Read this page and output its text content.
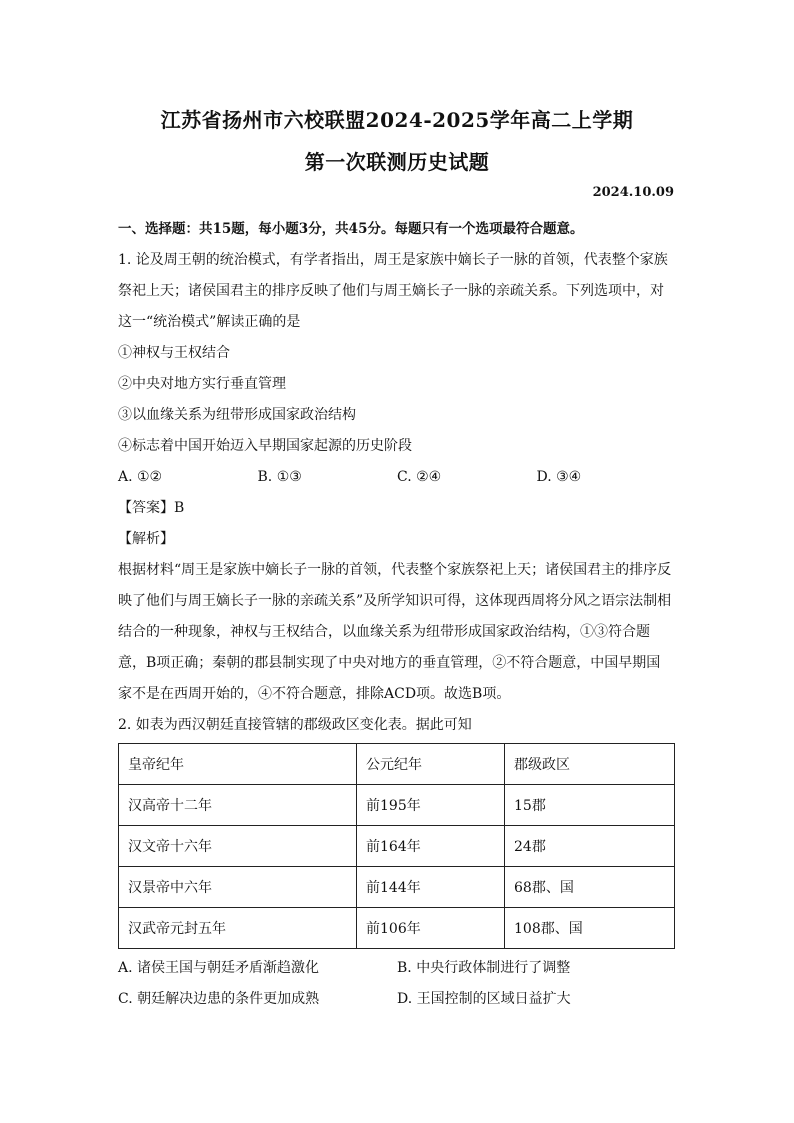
江苏省扬州市六校联盟2024-2025学年高二上学期
第一次联测历史试题
2024.10.09
一、选择题：共15题，每小题3分，共45分。每题只有一个选项最符合题意。
1. 论及周王朝的统治模式，有学者指出，周王是家族中嫡长子一脉的首领，代表整个家族
祭祀上天；诸侯国君主的排序反映了他们与周王嫡长子一脉的亲疏关系。下列选项中，对
这一“统治模式”解读正确的是
①神权与王权结合
②中央对地方实行垂直管理
③以血缘关系为纽带形成国家政治结构
④标志着中国开始迈入早期国家起源的历史阶段
A. ①②	B. ①③	C. ②④	D. ③④
【答案】B
【解析】
根据材料“周王是家族中嫡长子一脉的首领，代表整个家族祭祀上天；诸侯国君主的排序反
映了他们与周王嫡长子一脉的亲疏关系”及所学知识可得，这体现西周将分风之语宗法制相
结合的一种现象，神权与王权结合，以血缘关系为纽带形成国家政治结构，①③符合题
意，B项正确；秦朝的郡县制实现了中央对地方的垂直管理，②不符合题意，中国早期国
家不是在西周开始的，④不符合题意，排除ACD项。故选B项。
2. 如表为西汉朝廷直接管辖的郡级政区变化表。据此可知
皇帝纪年	公元纪年	郡级政区
汉高帝十二年	前195年	15郡
汉文帝十六年	前164年	24郡
汉景帝中六年	前144年	68郡、国
汉武帝元封五年	前106年	108郡、国
A. 诸侯王国与朝廷矛盾渐趋激化	B. 中央行政体制进行了调整
C. 朝廷解决边患的条件更加成熟	D. 王国控制的区域日益扩大
